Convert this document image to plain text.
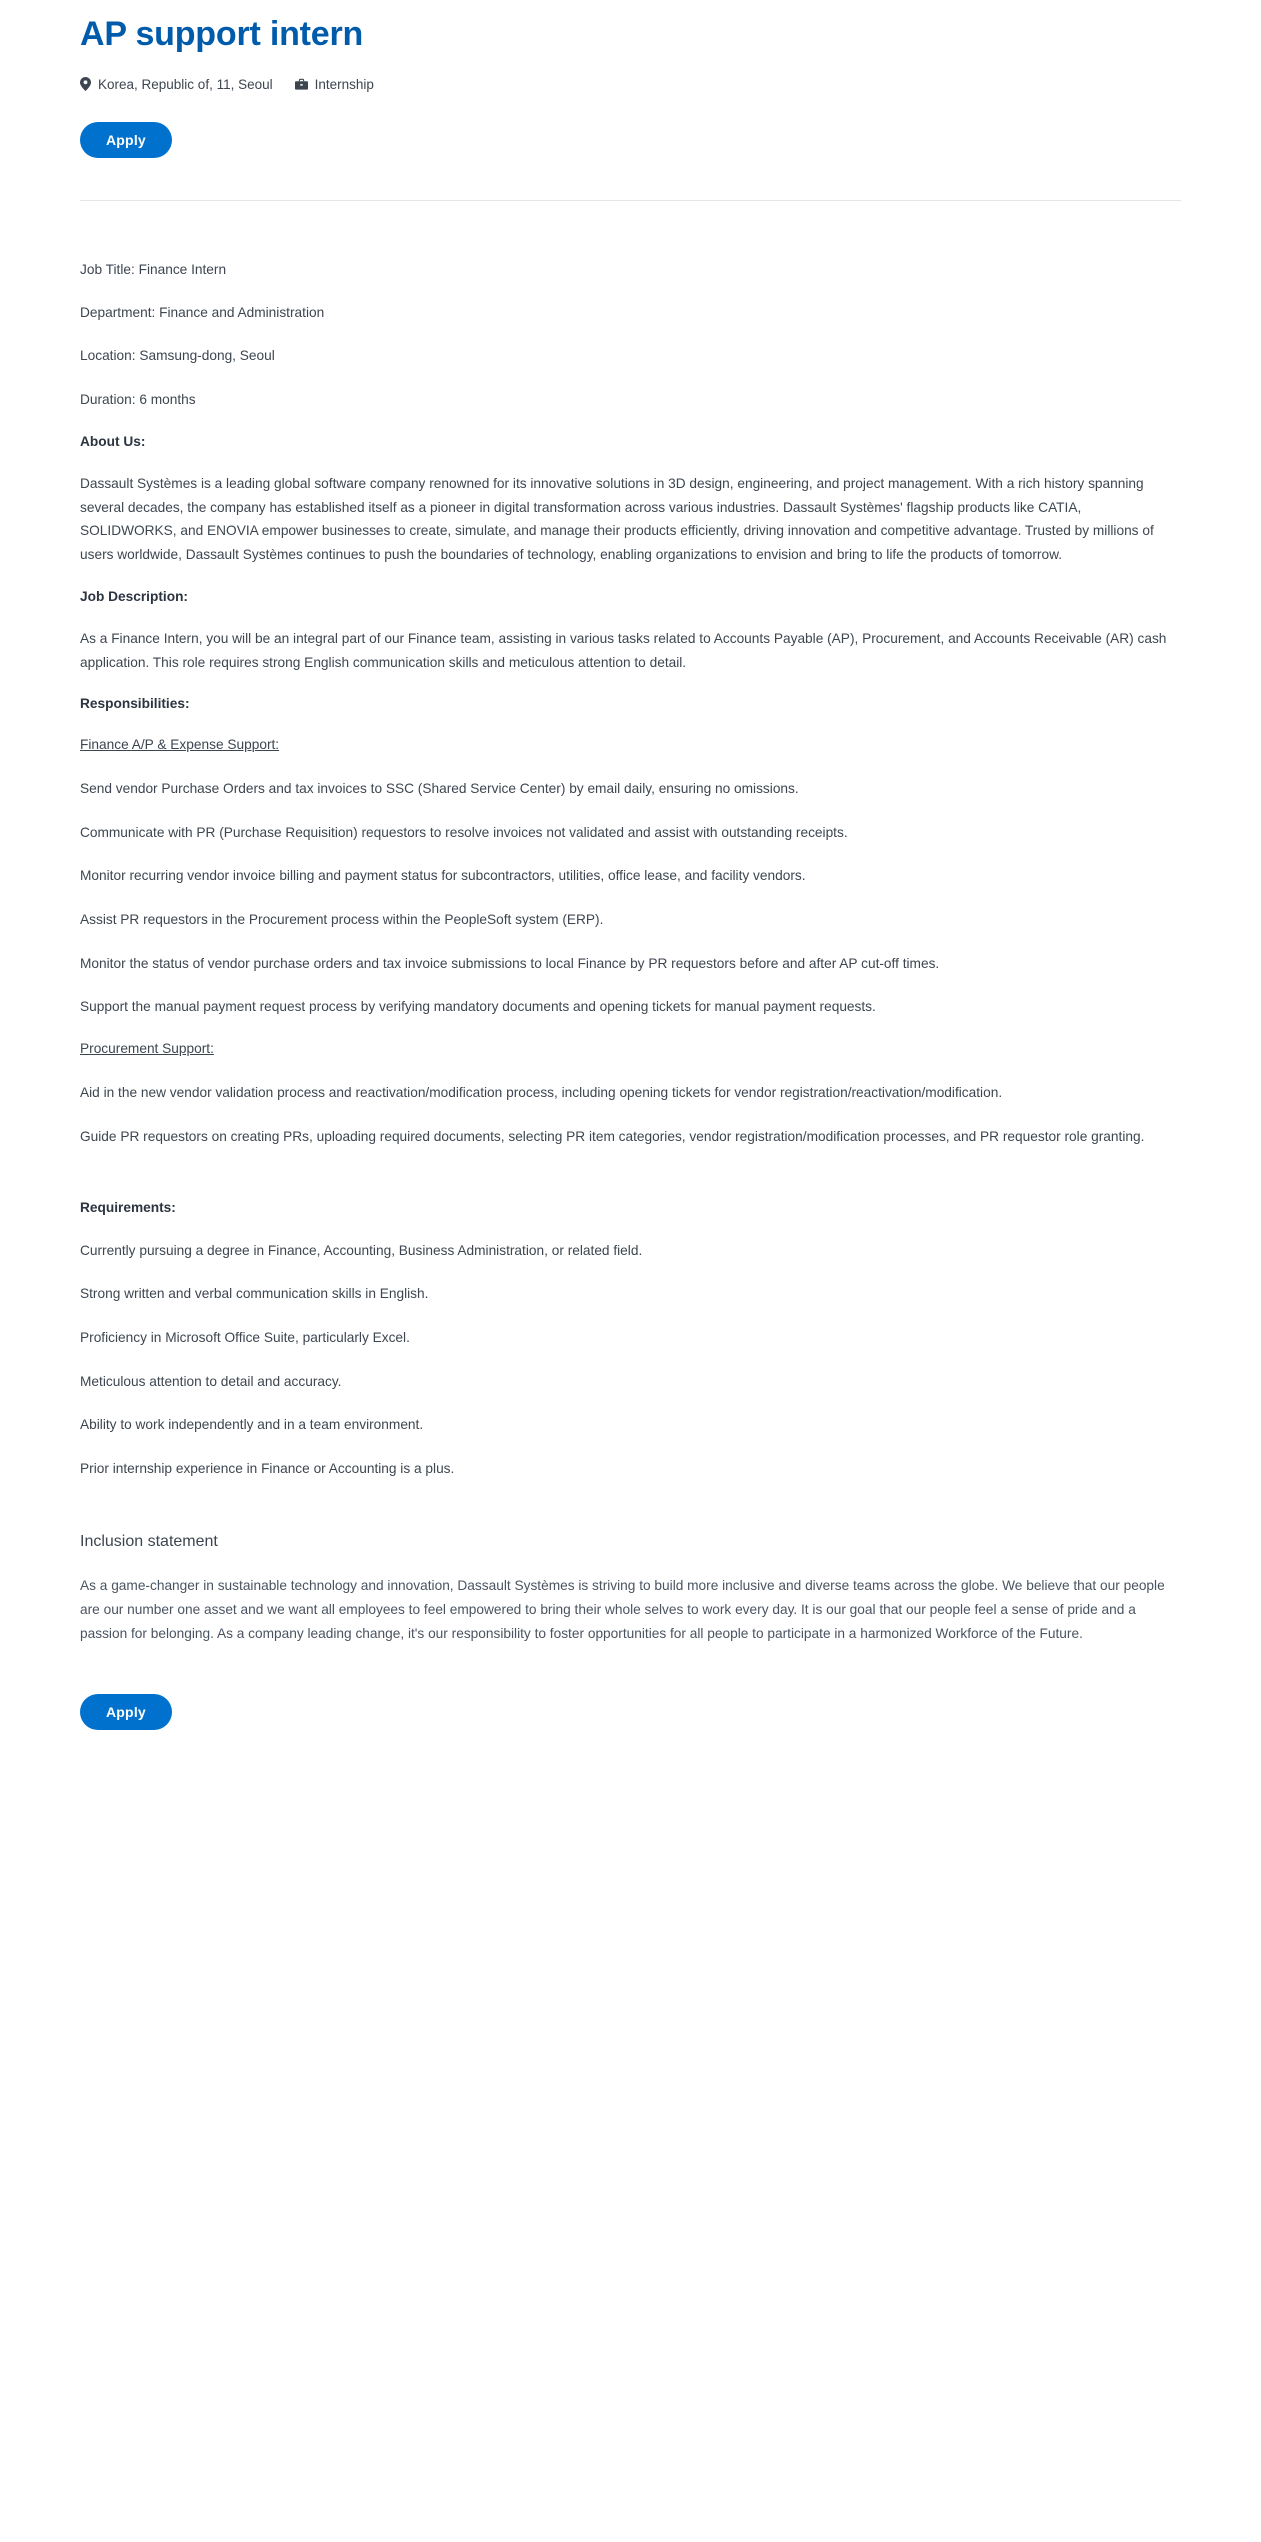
AP support intern
Korea, Republic of, 11, Seoul	Internship
Apply

Job Title: Finance Intern

Department: Finance and Administration

Location: Samsung-dong, Seoul

Duration: 6 months

About Us:

Dassault Systèmes is a leading global software company renowned for its innovative solutions in 3D design, engineering, and project management. With a rich history spanning several decades, the company has established itself as a pioneer in digital transformation across various industries. Dassault Systèmes' flagship products like CATIA, SOLIDWORKS, and ENOVIA empower businesses to create, simulate, and manage their products efficiently, driving innovation and competitive advantage. Trusted by millions of users worldwide, Dassault Systèmes continues to push the boundaries of technology, enabling organizations to envision and bring to life the products of tomorrow.

Job Description:

As a Finance Intern, you will be an integral part of our Finance team, assisting in various tasks related to Accounts Payable (AP), Procurement, and Accounts Receivable (AR) cash application. This role requires strong English communication skills and meticulous attention to detail.

Responsibilities:

Finance A/P & Expense Support:

Send vendor Purchase Orders and tax invoices to SSC (Shared Service Center) by email daily, ensuring no omissions.

Communicate with PR (Purchase Requisition) requestors to resolve invoices not validated and assist with outstanding receipts.

Monitor recurring vendor invoice billing and payment status for subcontractors, utilities, office lease, and facility vendors.

Assist PR requestors in the Procurement process within the PeopleSoft system (ERP).

Monitor the status of vendor purchase orders and tax invoice submissions to local Finance by PR requestors before and after AP cut-off times.

Support the manual payment request process by verifying mandatory documents and opening tickets for manual payment requests.

Procurement Support:

Aid in the new vendor validation process and reactivation/modification process, including opening tickets for vendor registration/reactivation/modification.

Guide PR requestors on creating PRs, uploading required documents, selecting PR item categories, vendor registration/modification processes, and PR requestor role granting.

Requirements:

Currently pursuing a degree in Finance, Accounting, Business Administration, or related field.

Strong written and verbal communication skills in English.

Proficiency in Microsoft Office Suite, particularly Excel.

Meticulous attention to detail and accuracy.

Ability to work independently and in a team environment.

Prior internship experience in Finance or Accounting is a plus.

Inclusion statement

As a game-changer in sustainable technology and innovation, Dassault Systèmes is striving to build more inclusive and diverse teams across the globe. We believe that our people are our number one asset and we want all employees to feel empowered to bring their whole selves to work every day. It is our goal that our people feel a sense of pride and a passion for belonging. As a company leading change, it's our responsibility to foster opportunities for all people to participate in a harmonized Workforce of the Future.

Apply
